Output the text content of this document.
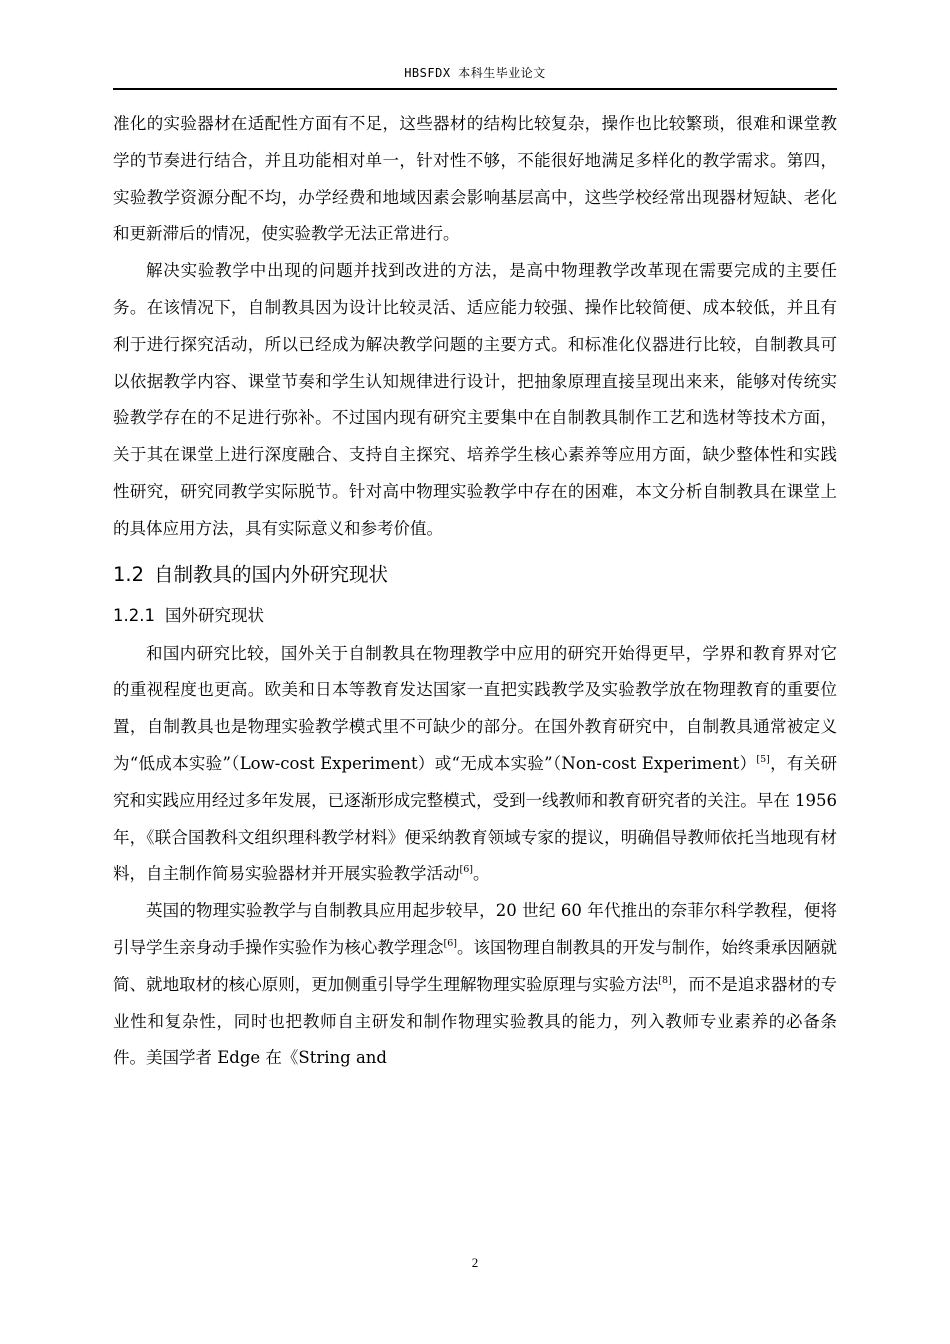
HBSFDX 本科生毕业论文

准化的实验器材在适配性方面有不足，这些器材的结构比较复杂，操作也比较繁琐，很难和课堂教学的节奏进行结合，并且功能相对单一，针对性不够，不能很好地满足多样化的教学需求。第四，实验教学资源分配不均，办学经费和地域因素会影响基层高中，这些学校经常出现器材短缺、老化和更新滞后的情况，使实验教学无法正常进行。

解决实验教学中出现的问题并找到改进的方法，是高中物理教学改革现在需要完成的主要任务。在该情况下，自制教具因为设计比较灵活、适应能力较强、操作比较简便、成本较低，并且有利于进行探究活动，所以已经成为解决教学问题的主要方式。和标准化仪器进行比较，自制教具可以依据教学内容、课堂节奏和学生认知规律进行设计，把抽象原理直接呈现出来来，能够对传统实验教学存在的不足进行弥补。不过国内现有研究主要集中在自制教具制作工艺和选材等技术方面，关于其在课堂上进行深度融合、支持自主探究、培养学生核心素养等应用方面，缺少整体性和实践性研究，研究同教学实际脱节。针对高中物理实验教学中存在的困难，本文分析自制教具在课堂上的具体应用方法，具有实际意义和参考价值。

1.2 自制教具的国内外研究现状
1.2.1 国外研究现状

和国内研究比较，国外关于自制教具在物理教学中应用的研究开始得更早，学界和教育界对它的重视程度也更高。欧美和日本等教育发达国家一直把实践教学及实验教学放在物理教育的重要位置，自制教具也是物理实验教学模式里不可缺少的部分。在国外教育研究中，自制教具通常被定义为“低成本实验”（Low-cost Experiment）或“无成本实验”（Non-cost Experiment）[5]，有关研究和实践应用经过多年发展，已逐渐形成完整模式，受到一线教师和教育研究者的关注。早在 1956 年，《联合国教科文组织理科教学材料》便采纳教育领域专家的提议，明确倡导教师依托当地现有材料，自主制作简易实验器材并开展实验教学活动[6]。

英国的物理实验教学与自制教具应用起步较早，20 世纪 60 年代推出的奈菲尔科学教程，便将引导学生亲身动手操作实验作为核心教学理念[6]。该国物理自制教具的开发与制作，始终秉承因陋就简、就地取材的核心原则，更加侧重引导学生理解物理实验原理与实验方法[8]，而不是追求器材的专业性和复杂性，同时也把教师自主研发和制作物理实验教具的能力，列入教师专业素养的必备条件。美国学者 Edge 在《String and

2
